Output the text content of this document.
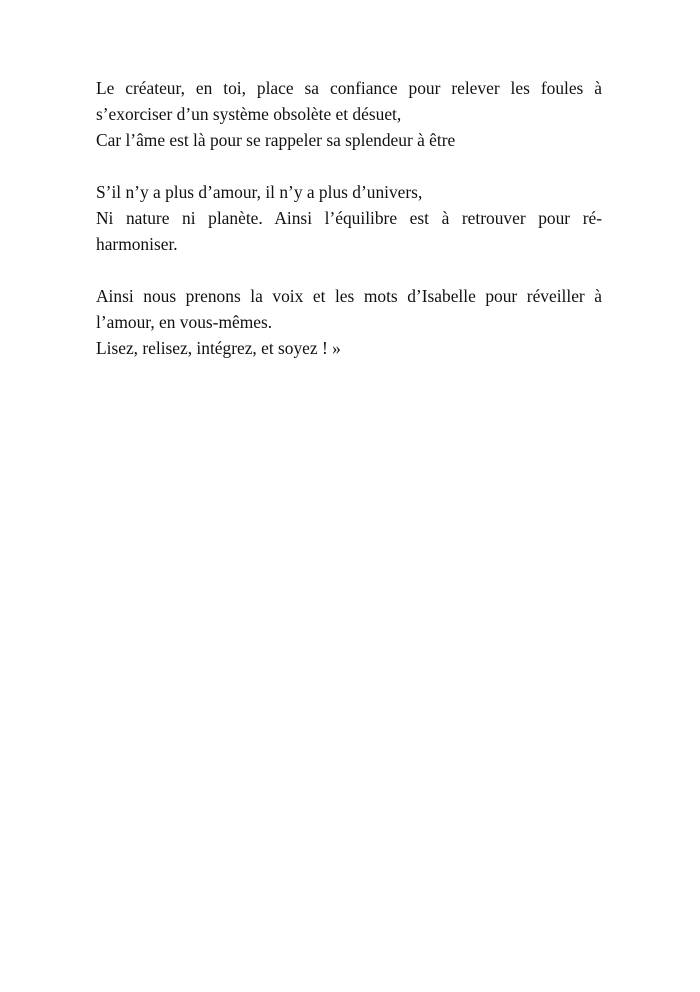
Le créateur, en toi, place sa confiance pour relever les foules à
s’exorciser d’un système obsolète et désuet,
Car l’âme est là pour se rappeler sa splendeur à être

S’il n’y a plus d’amour, il n’y a plus d’univers,
Ni nature ni planète. Ainsi l’équilibre est à retrouver pour ré-
harmoniser.

Ainsi nous prenons la voix et les mots d’Isabelle pour réveiller à
l’amour, en vous-mêmes.
Lisez, relisez, intégrez, et soyez ! »
